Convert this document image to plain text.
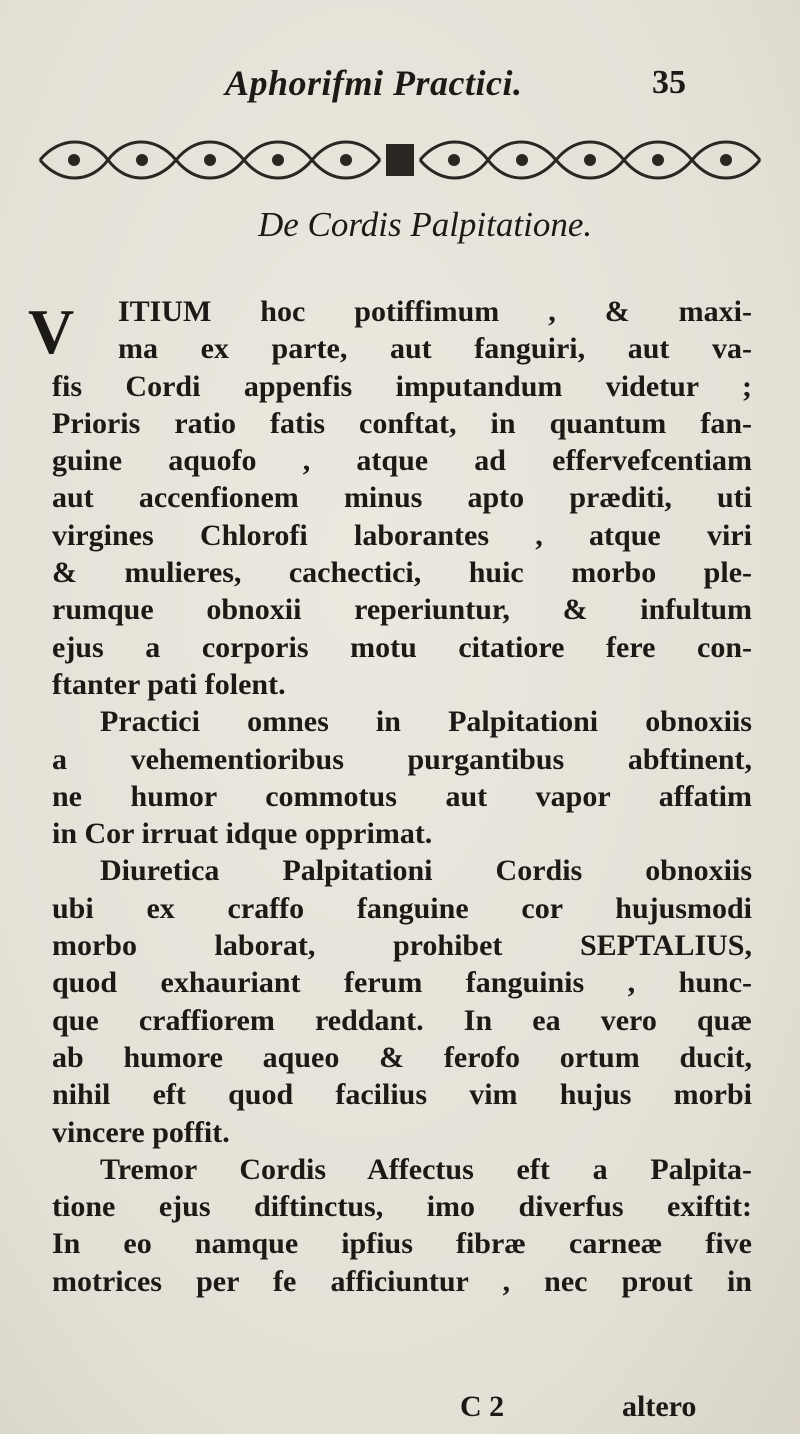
Aphorifmi Practici.	35
De Cordis Palpitatione.
V	ITIUM hoc potiffimum , & maxi-
ma ex parte, aut fanguiri, aut va-
fis Cordi appenfis imputandum videtur ;
Prioris ratio fatis conftat, in quantum fan-
guine aquofo , atque ad effervefcentiam
aut accenfionem minus apto præditi, uti
virgines Chlorofi laborantes , atque viri
& mulieres, cachectici, huic morbo ple-
rumque obnoxii reperiuntur, & infultum
ejus a corporis motu citatiore fere con-
ftanter pati folent.
Practici omnes in Palpitationi obnoxiis
a vehementioribus purgantibus abftinent,
ne humor commotus aut vapor affatim
in Cor irruat idque opprimat.
Diuretica Palpitationi Cordis obnoxiis
ubi ex craffo fanguine cor hujusmodi
morbo laborat, prohibet SEPTALIUS,
quod exhauriant ferum fanguinis , hunc-
que craffiorem reddant. In ea vero quæ
ab humore aqueo & ferofo ortum ducit,
nihil eft quod facilius vim hujus morbi
vincere poffit.
Tremor Cordis Affectus eft a Palpita-
tione ejus diftinctus, imo diverfus exiftit:
In eo namque ipfius fibræ carneæ five
motrices per fe afficiuntur , nec prout in
C 2	altero
